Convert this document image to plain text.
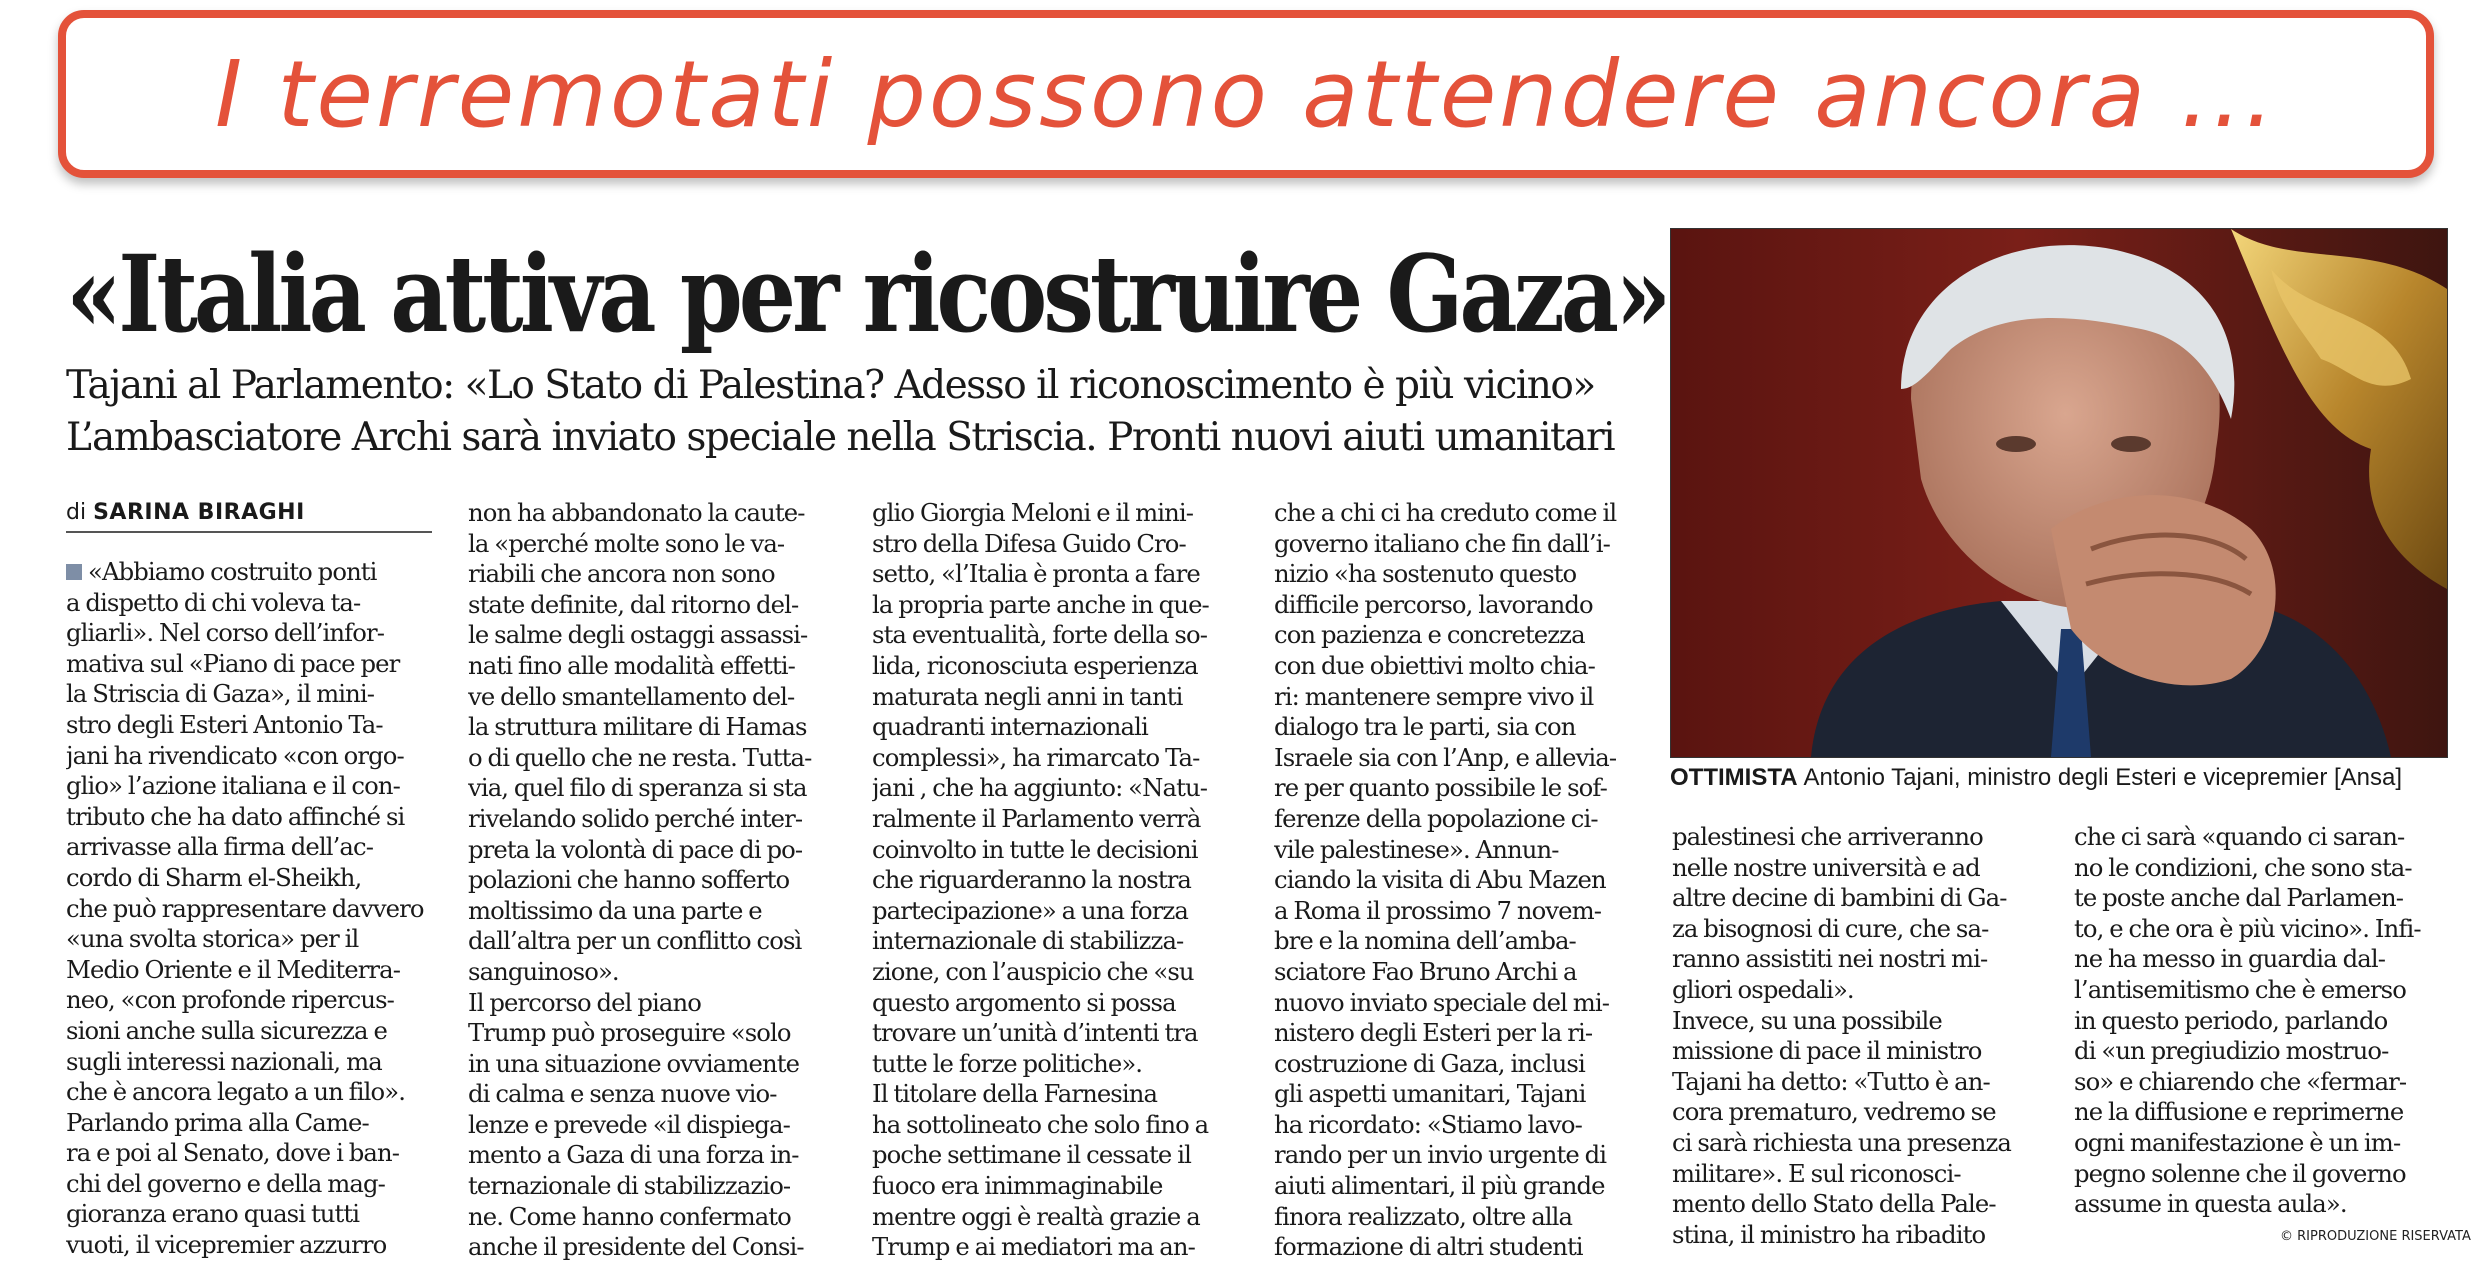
I terremotati possono attendere ancora ...
«Italia attiva per ricostruire Gaza»
Tajani al Parlamento: «Lo Stato di Palestina? Adesso il riconoscimento è più vicino»
L’ambasciatore Archi sarà inviato speciale nella Striscia. Pronti nuovi aiuti umanitari
di SARINA BIRAGHI
«Abbiamo costruito ponti
a dispetto di chi voleva ta-
gliarli». Nel corso dell’infor-
mativa sul «Piano di pace per
la Striscia di Gaza», il mini-
stro degli Esteri Antonio Ta-
jani ha rivendicato «con orgo-
glio» l’azione italiana e il con-
tributo che ha dato affinché si
arrivasse alla firma dell’ac-
cordo di Sharm el-Sheikh,
che può rappresentare davvero
«una svolta storica» per il
Medio Oriente e il Mediterra-
neo, «con profonde ripercus-
sioni anche sulla sicurezza e
sugli interessi nazionali, ma
che è ancora legato a un filo».
Parlando prima alla Came-
ra e poi al Senato, dove i ban-
chi del governo e della mag-
gioranza erano quasi tutti
vuoti, il vicepremier azzurro
non ha abbandonato la caute-
la «perché molte sono le va-
riabili che ancora non sono
state definite, dal ritorno del-
le salme degli ostaggi assassi-
nati fino alle modalità effetti-
ve dello smantellamento del-
la struttura militare di Hamas
o di quello che ne resta. Tutta-
via, quel filo di speranza si sta
rivelando solido perché inter-
preta la volontà di pace di po-
polazioni che hanno sofferto
moltissimo da una parte e
dall’altra per un conflitto così
sanguinoso».
Il percorso del piano
Trump può proseguire «solo
in una situazione ovviamente
di calma e senza nuove vio-
lenze e prevede «il dispiega-
mento a Gaza di una forza in-
ternazionale di stabilizzazio-
ne. Come hanno confermato
anche il presidente del Consi-
glio Giorgia Meloni e il mini-
stro della Difesa Guido Cro-
setto, «l’Italia è pronta a fare
la propria parte anche in que-
sta eventualità, forte della so-
lida, riconosciuta esperienza
maturata negli anni in tanti
quadranti internazionali
complessi», ha rimarcato Ta-
jani , che ha aggiunto: «Natu-
ralmente il Parlamento verrà
coinvolto in tutte le decisioni
che riguarderanno la nostra
partecipazione» a una forza
internazionale di stabilizza-
zione, con l’auspicio che «su
questo argomento si possa
trovare un’unità d’intenti tra
tutte le forze politiche».
Il titolare della Farnesina
ha sottolineato che solo fino a
poche settimane il cessate il
fuoco era inimmaginabile
mentre oggi è realtà grazie a
Trump e ai mediatori ma an-
che a chi ci ha creduto come il
governo italiano che fin dall’i-
nizio «ha sostenuto questo
difficile percorso, lavorando
con pazienza e concretezza
con due obiettivi molto chia-
ri: mantenere sempre vivo il
dialogo tra le parti, sia con
Israele sia con l’Anp, e allevia-
re per quanto possibile le sof-
ferenze della popolazione ci-
vile palestinese». Annun-
ciando la visita di Abu Mazen
a Roma il prossimo 7 novem-
bre e la nomina dell’amba-
sciatore Fao Bruno Archi a
nuovo inviato speciale del mi-
nistero degli Esteri per la ri-
costruzione di Gaza, inclusi
gli aspetti umanitari, Tajani
ha ricordato: «Stiamo lavo-
rando per un invio urgente di
aiuti alimentari, il più grande
finora realizzato, oltre alla
formazione di altri studenti
palestinesi che arriveranno
nelle nostre università e ad
altre decine di bambini di Ga-
za bisognosi di cure, che sa-
ranno assistiti nei nostri mi-
gliori ospedali».
Invece, su una possibile
missione di pace il ministro
Tajani ha detto: «Tutto è an-
cora prematuro, vedremo se
ci sarà richiesta una presenza
militare». E sul riconosci-
mento dello Stato della Pale-
stina, il ministro ha ribadito
che ci sarà «quando ci saran-
no le condizioni, che sono sta-
te poste anche dal Parlamen-
to, e che ora è più vicino». Infi-
ne ha messo in guardia dal-
l’antisemitismo che è emerso
in questo periodo, parlando
di «un pregiudizio mostruo-
so» e chiarendo che «fermar-
ne la diffusione e reprimerne
ogni manifestazione è un im-
pegno solenne che il governo
assume in questa aula».
OTTIMISTA Antonio Tajani, ministro degli Esteri e vicepremier [Ansa]
© RIPRODUZIONE RISERVATA
